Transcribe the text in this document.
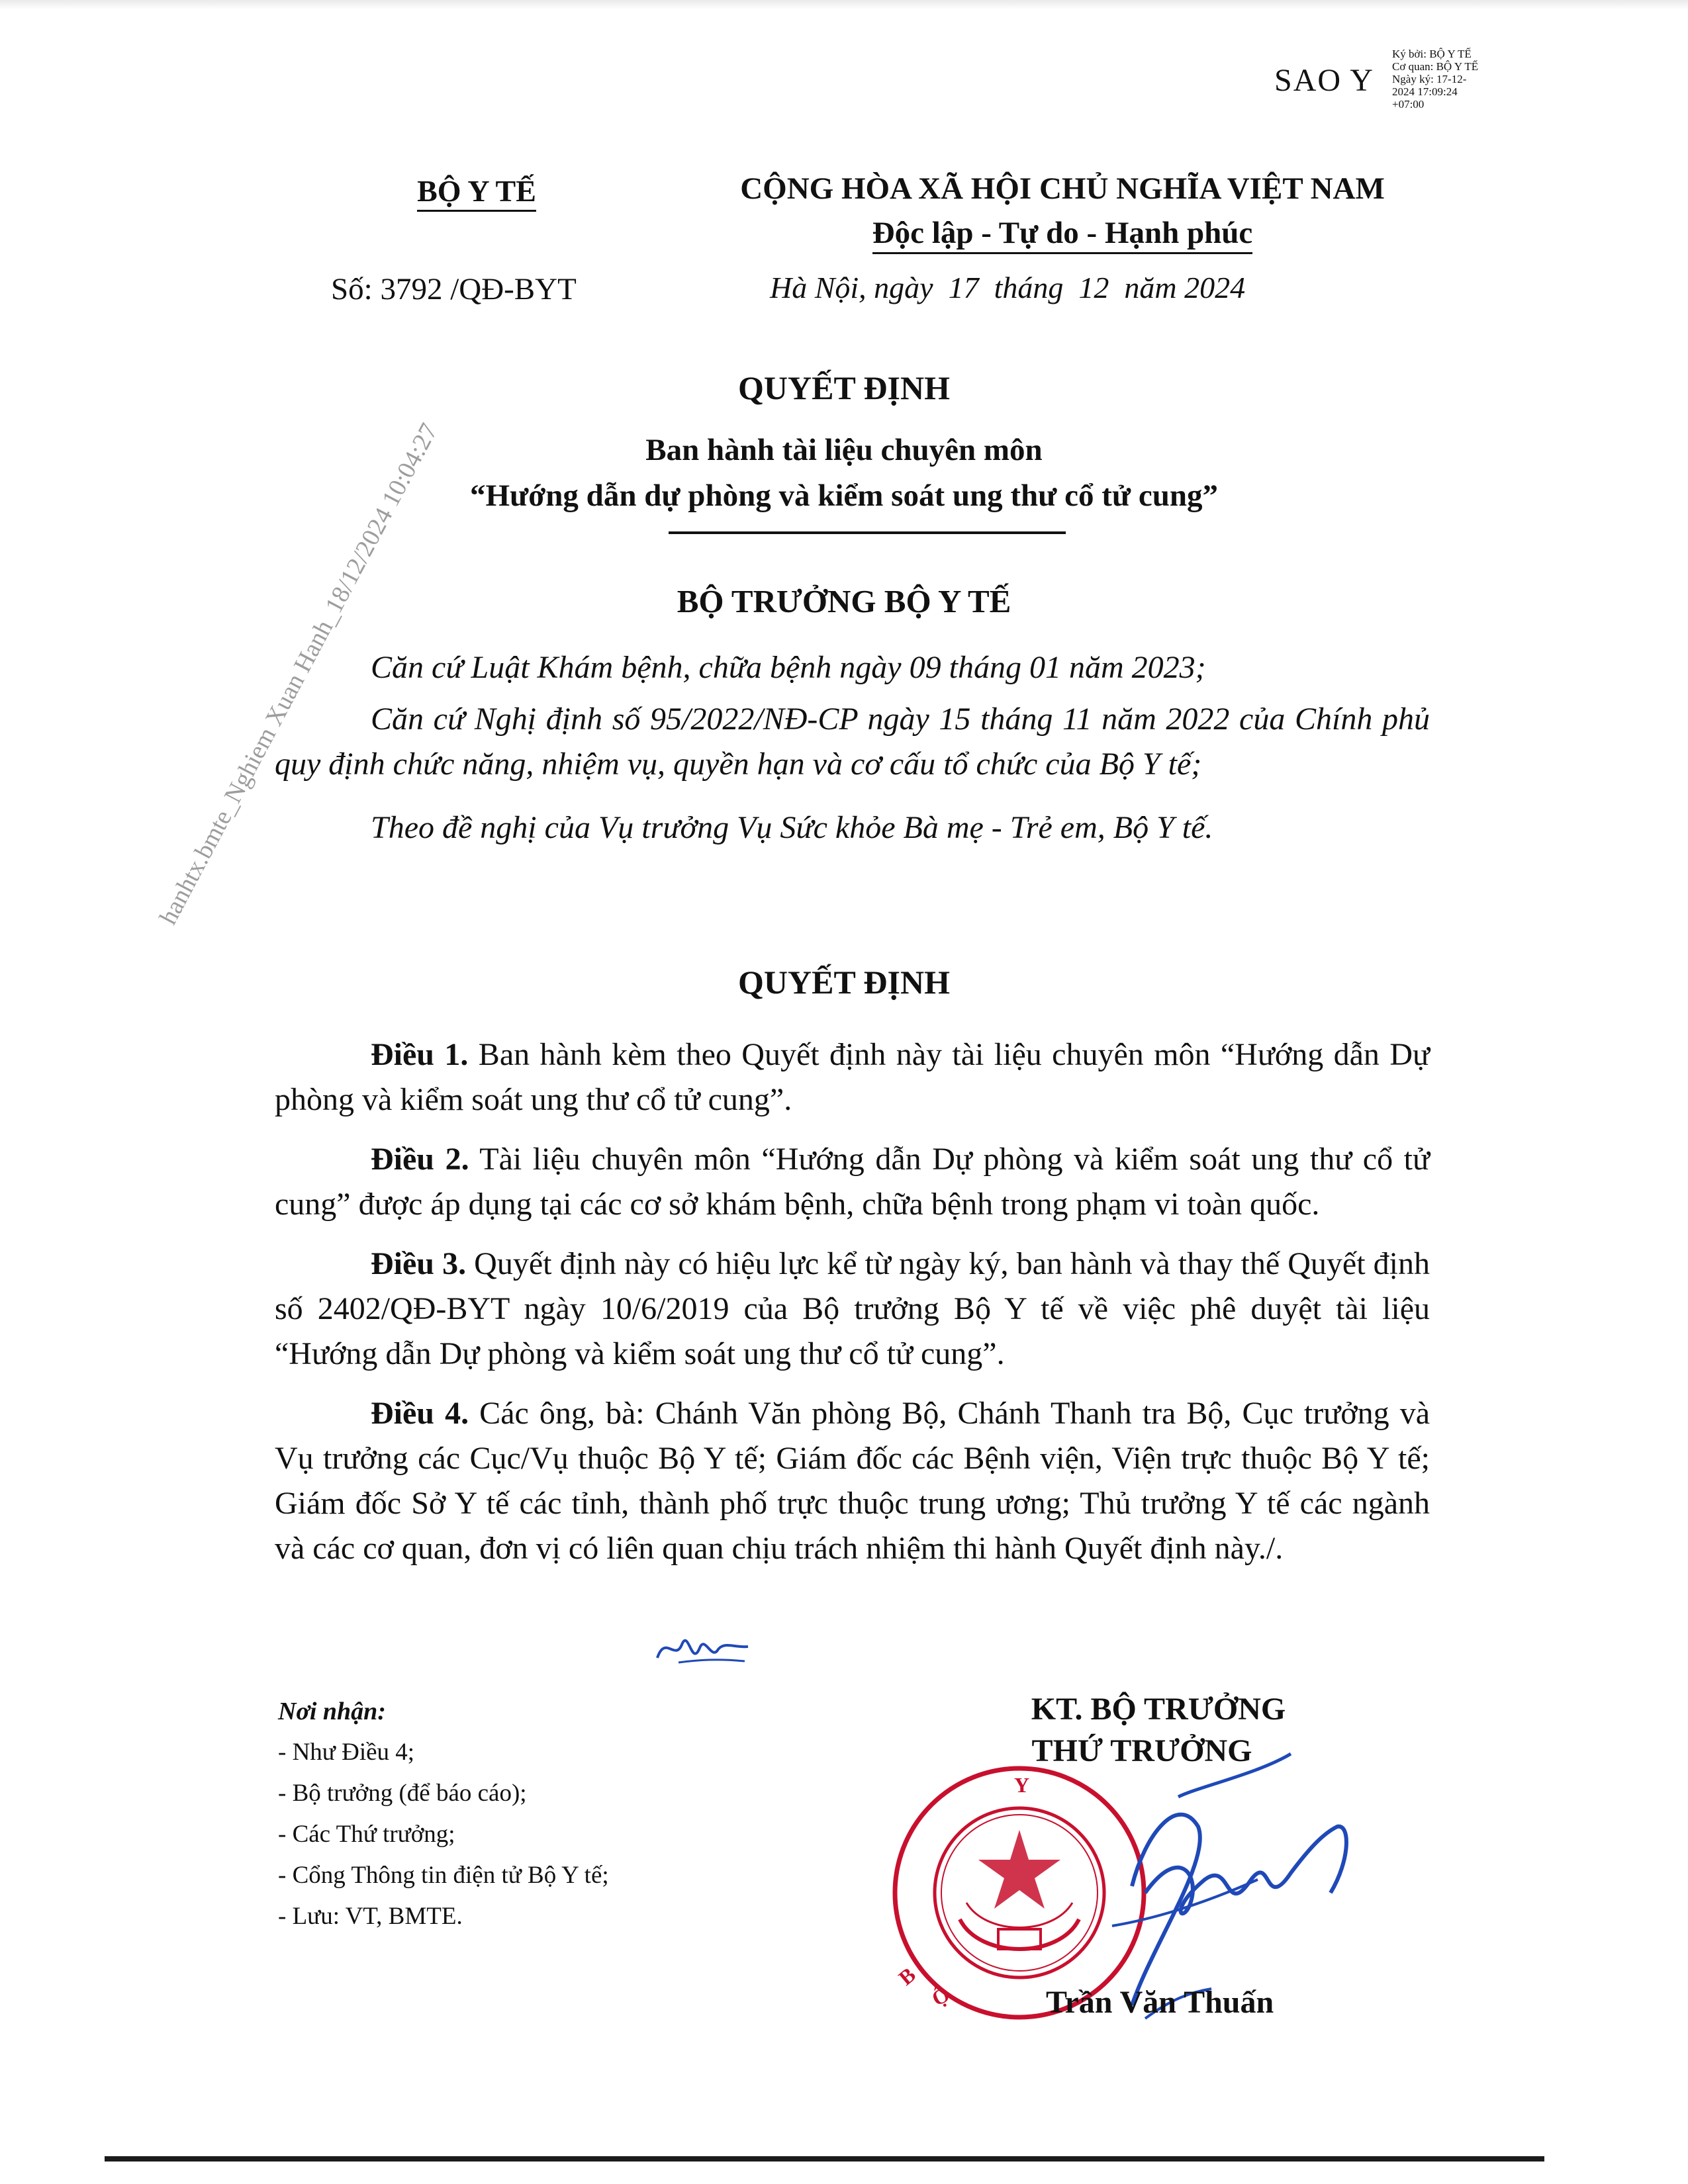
SAO Y
Ký bởi: BỘ Y TẾ
Cơ quan: BỘ Y TẾ
Ngày ký: 17-12-
2024 17:09:24
+07:00
BỘ Y TẾ
Số: 3792 /QĐ-BYT
CỘNG HÒA XÃ HỘI CHỦ NGHĨA VIỆT NAM
Độc lập - Tự do - Hạnh phúc
Hà Nội, ngày  17  tháng  12  năm 2024
hanhtx.bmte_Nghiem Xuan Hanh_18/12/2024 10:04:27
QUYẾT ĐỊNH
Ban hành tài liệu chuyên môn
“Hướng dẫn dự phòng và kiểm soát ung thư cổ tử cung”
BỘ TRƯỞNG BỘ Y TẾ
Căn cứ Luật Khám bệnh, chữa bệnh ngày 09 tháng 01 năm 2023;
Căn cứ Nghị định số 95/2022/NĐ-CP ngày 15 tháng 11 năm 2022 của Chính phủ quy định chức năng, nhiệm vụ, quyền hạn và cơ cấu tổ chức của Bộ Y tế;
Theo đề nghị của Vụ trưởng Vụ Sức khỏe Bà mẹ - Trẻ em, Bộ Y tế.
QUYẾT ĐỊNH
Điều 1. Ban hành kèm theo Quyết định này tài liệu chuyên môn “Hướng dẫn Dự phòng và kiểm soát ung thư cổ tử cung”.
Điều 2. Tài liệu chuyên môn “Hướng dẫn Dự phòng và kiểm soát ung thư cổ tử cung” được áp dụng tại các cơ sở khám bệnh, chữa bệnh trong phạm vi toàn quốc.
Điều 3. Quyết định này có hiệu lực kể từ ngày ký, ban hành và thay thế Quyết định số 2402/QĐ-BYT ngày 10/6/2019 của Bộ trưởng Bộ Y tế về việc phê duyệt tài liệu “Hướng dẫn Dự phòng và kiểm soát ung thư cổ tử cung”.
Điều 4. Các ông, bà: Chánh Văn phòng Bộ, Chánh Thanh tra Bộ, Cục trưởng và Vụ trưởng các Cục/Vụ thuộc Bộ Y tế; Giám đốc các Bệnh viện, Viện trực thuộc Bộ Y tế; Giám đốc Sở Y tế các tỉnh, thành phố trực thuộc trung ương; Thủ trưởng Y tế các ngành và các cơ quan, đơn vị có liên quan chịu trách nhiệm thi hành Quyết định này./.
Nơi nhận:
- Như Điều 4;
- Bộ trưởng (để báo cáo);
- Các Thứ trưởng;
- Cổng Thông tin điện tử Bộ Y tế;
- Lưu: VT, BMTE.
KT. BỘ TRƯỞNG
THỨ TRƯỞNG
Y
B
Ộ	Trần Văn Thuấn
